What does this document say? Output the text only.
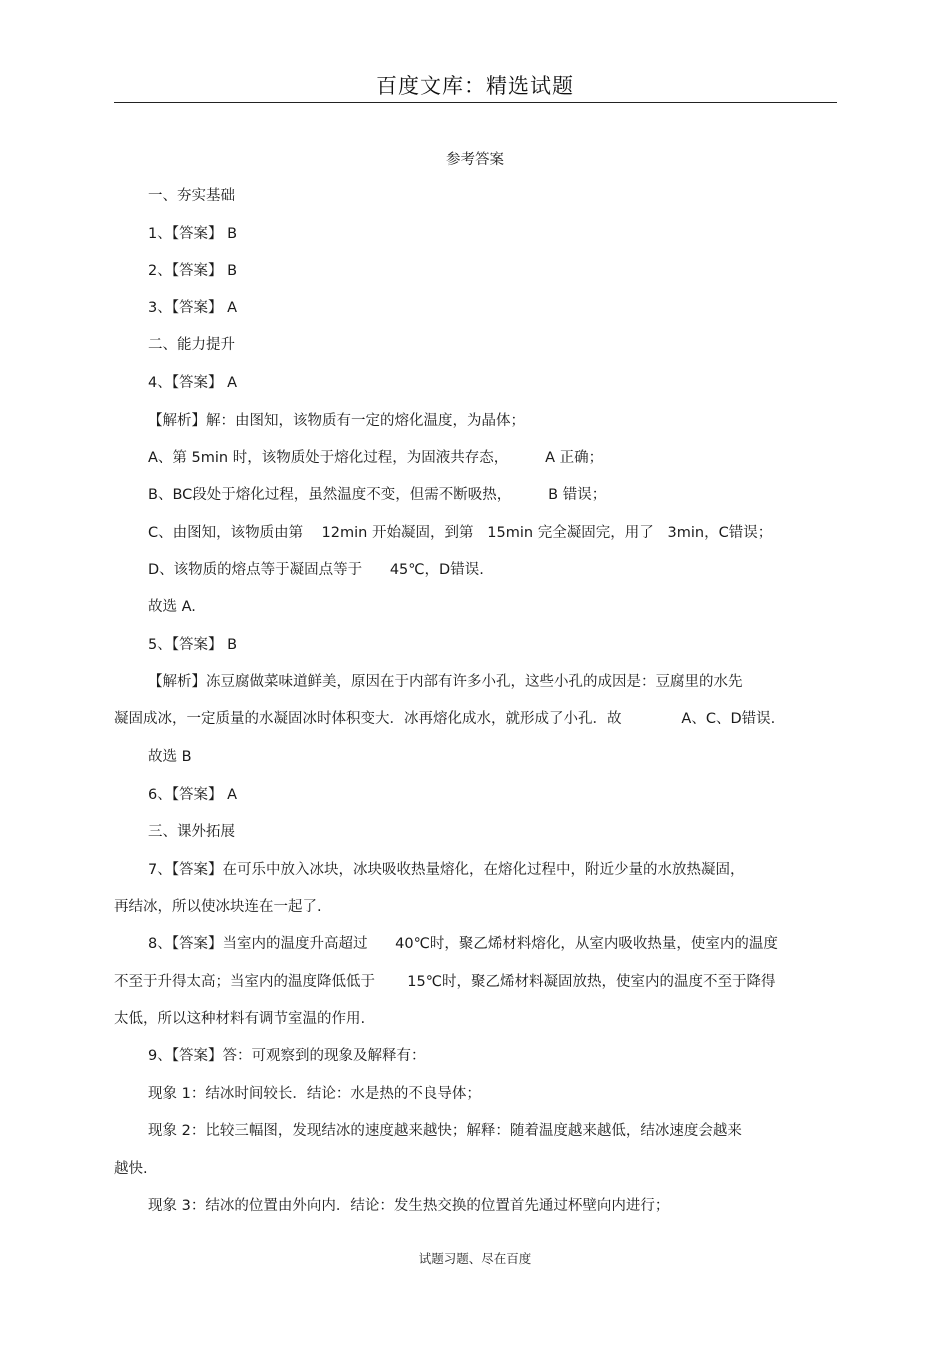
百度文库：精选试题
参考答案
一、夯实基础
1、【答案】 B
2、【答案】 B
3、【答案】 A
二、能力提升
4、【答案】 A
【解析】解：由图知，该物质有一定的熔化温度，为晶体；
A、第 5min 时，该物质处于熔化过程，为固液共存态，        A 正确；
B、BC段处于熔化过程，虽然温度不变，但需不断吸热，        B 错误；
C、由图知，该物质由第    12min 开始凝固，到第   15min 完全凝固完，用了   3min，C错误；
D、该物质的熔点等于凝固点等于      45℃，D错误.
故选 A.
5、【答案】 B
【解析】冻豆腐做菜味道鲜美，原因在于内部有许多小孔，这些小孔的成因是：豆腐里的水先
凝固成冰，一定质量的水凝固冰时体积变大．冰再熔化成水，就形成了小孔．故             A、C、D错误.
故选 B
6、【答案】 A
三、课外拓展
7、【答案】在可乐中放入冰块，冰块吸收热量熔化，在熔化过程中，附近少量的水放热凝固，
再结冰，所以使冰块连在一起了.
8、【答案】当室内的温度升高超过      40℃时，聚乙烯材料熔化，从室内吸收热量，使室内的温度
不至于升得太高；当室内的温度降低低于       15℃时，聚乙烯材料凝固放热，使室内的温度不至于降得
太低，所以这种材料有调节室温的作用.
9、【答案】答：可观察到的现象及解释有：
现象 1：结冰时间较长．结论：水是热的不良导体；
现象 2：比较三幅图，发现结冰的速度越来越快；解释：随着温度越来越低，结冰速度会越来
越快.
现象 3：结冰的位置由外向内．结论：发生热交换的位置首先通过杯壁向内进行；
试题习题、尽在百度
